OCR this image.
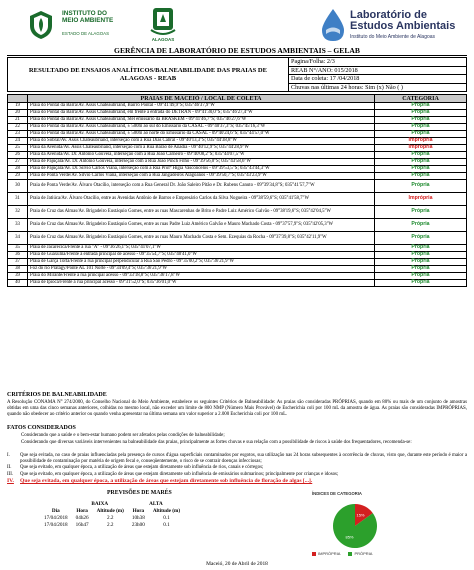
INSTITUTO DO
MEIO AMBIENTE
ESTADO DE ALAGOAS
ALAGOAS
Laboratório de
Estudos Ambientais
Instituto do Meio Ambiente de Alagoas
GERÊNCIA DE LABORATÓRIO DE ESTUDOS AMBIENTAIS – GELAB
RESULTADO DE ENSAIOS ANALÍTICOS/BALNEABILIDADE DAS PRAIAS DE ALAGOAS - REAB
Pagina/Folha: 2/3
REAB N°/ANO: 015/2018
Data de coleta: 17 /04/2018
Chuvas nas últimas 24 horas: Sim (x) Não ( )
	PRAIAS DE MACEIÓ / LOCAL DE COLETA	CATEGORIA
19	Praia do Pontal da Barra/Av. Assis Chateaubriand, Bairro Pontal - 09°41'49,9"S; 035°46'37,9"W	Própria
20	Praia do Pontal da Barra/Av. Assis Chateaubriand, em frente à entrada do DETRAN - 09°41'30,0"S; 035°46'27,4"W	Própria
21	Praia do Pontal da Barra/Av. Assis Chateaubriand, Stel emissário da BRASKEM - 09°41'46,7"S; 035°46'27,6"W	Própria
22	Praia do Pontal da Barra/Av. Assis Chateaubriand, ± 500m ao sul do Emissário da CASAL - 09°40'37,3"S; 035°45'16,3"W	Própria
23	Praia do Pontal da Barra/Av. Assis Chateaubriand, ± 500m ao norte do Emissário da CASAL - 09°40'24,6"S; 035°44'57,0"W	Própria
24	Praia do Sobral/Av. Assis Chateaubriand, interseção com a Rua Dias Cabral - 09°40'13,3"S; 035°44'38,8"W	Imprópria
25	Praia da Avenida/Av. Assis Chateaubriand, interseção com a Rua Barão de Anadia - 09°40'12,9"S; 035°44'28,9"W	Imprópria
26	Praia da Avenida/Av. Dr. Antônio Gouveia, interseção com a Rua João Carneiro - 09°40'08,2"S; 035°44'07,5"W	Própria
27	Praia de Pajuçara/Av. Dr. Antônio Gouveia, interseção com a Rua João Pinch Filho - 09°39'56,0"S; 035°43'58,6"W	Própria
28	Praia de Pajuçara/Av. Dr. Silvio Carlos Viana, interseção com a Rua Profº Higia Vasconcelos - 09°39'53,5"S; 035°43'44,3"W	Própria
29	Praia de Ponta Verde/Av. Silvio Carlos Viana, interseção com a Rua Jangadeiros Alagoanos - 09°39'50,7"S; 035°43'23,9"W	Própria
30	Praia de Ponta Verde/Av. Álvaro Otacílio, interseção com a Rua General Dr. João Saleiro Pitão e Dr. Rubens Canuto - 09°39'34,8"S; 035°41'57,7"W	Própria
31	Praia de Jatiúca/Av. Álvaro Otacílio, entre as Avenidas Antônio de Barros e Empresário Carlos da Silva Nogueira - 09°38'59,6"S; 035°41'58,7"W	Imprópria
32	Praia de Cruz das Almas/Av. Brigadeiro Eustáquio Gomes, entre as ruas Mascarenhas de Brito e Padre Luiz Américo Galvão - 09°38'19,6"S; 035°42'04,5"W	Própria
33	Praia de Cruz das Almas/Av. Brigadeiro Eustáquio Gomes, entre as ruas Padre Luiz Américo Galvão e Mauro Machado Costa - 09°37'57,9"S; 035°42'05,3"W	Própria
34	Praia de Cruz das Almas/Av. Brigadeiro Eustáquio Gomes, entre as ruas Mauro Machado Costa e Sem. Ezequias da Rocha - 09°37'39,8"S; 035°42'11,9"W	Própria
35	Praia de Jacarecica/Frente à rua "A" - 09°36'26,1"S; 035°41'07,1"W	Própria
36	Praia de Guaxuma/Frente à entrada principal de acesso - 09°35'54,7"S; 035°40'41,0"W	Própria
37	Praia de Garça Torta/Frente à rua principal perpendicular à Rua São Pedro - 09°35'00,2"S; 035°36'21,9"W	Própria
38	Foz do rio Pratagy/Ponte AL 101 Norte - 09°34'09,4"S; 035°36'21,9"W	Própria
39	Praia do Mirante/Frente à rua principal acesso - 09°33'18,8"S; 035°36'17,8"W	Própria
40	Praia de Ipioca/Frente à rua principal acesso - 09°31'52,0"S; 035°36'01,0"W	Própria
CRITÉRIOS DE BALNEABILIDADE
A Resolução CONAMA N° 274/2000, do Conselho Nacional do Meio Ambiente, estabelece os seguintes Critérios de Balneabilidade: As praias são consideradas PRÓPRIAS, quando em 80% ou mais de um conjunto de amostras obtidas em uma das cinco semanas anteriores, colhidas no mesmo local, não exceder um limite de 800 NMP (Número Mais Provável) de Escherichia coli por 100 mL da amostra de água. As praias são consideradas IMPRÓPRIAS, quando não obedecer ao critério anterior ou quando venha apresentar na última semana um valor superior a 2.000 Escherichia coli por 100 mL.
FATOS CONSIDERADOS
Considerando que a saúde e o bem-estar humano podem ser afetados pelas condições de balneabilidade;
Considerando que diversas variáveis intervenientes na balneabilidade das praias, principalmente as fortes chuvas e sua relação com a possibilidade de riscos à saúde dos frequentadores, recomenda-se:
I.	Que seja evitada, no caso de praias influenciadas pela presença de cursos d'água superficiais contaminados por esgotos, sua utilização nas 24 horas subsequentes à ocorrência de chuvas, visto que, durante este período é maior a possibilidade de contaminação por matéria de origem fecal e, conseqüentemente, o risco de se contrair doenças infecciosas;
II.	Que seja evitado, em qualquer época, a utilização de áreas que estejam diretamente sob influência de rios, canais e córregos;
III.	Que seja evitado, em qualquer época, a utilização de áreas que estejam diretamente sob influência de emissários submarinos; principalmente por crianças e idosos;
IV.	Que seja evitada, em qualquer época, a utilização de áreas que estejam diretamente sob influência de floração de algas [...].
PREVISÕES DE MARÉS
	BAIXA		ALTA	
Dia	Hora	Altitude (m)	Hora	Altitude (m)
17/04/2018	04h26	2.2	10h38	0.1
17/04/2018	16h47	2.2	23h00	0.1
ÍNDICES DE CATEGORIA
15%
85%
IMPRÓPRIA	PRÓPRIA
Maceió, 20 de Abril de 2018
